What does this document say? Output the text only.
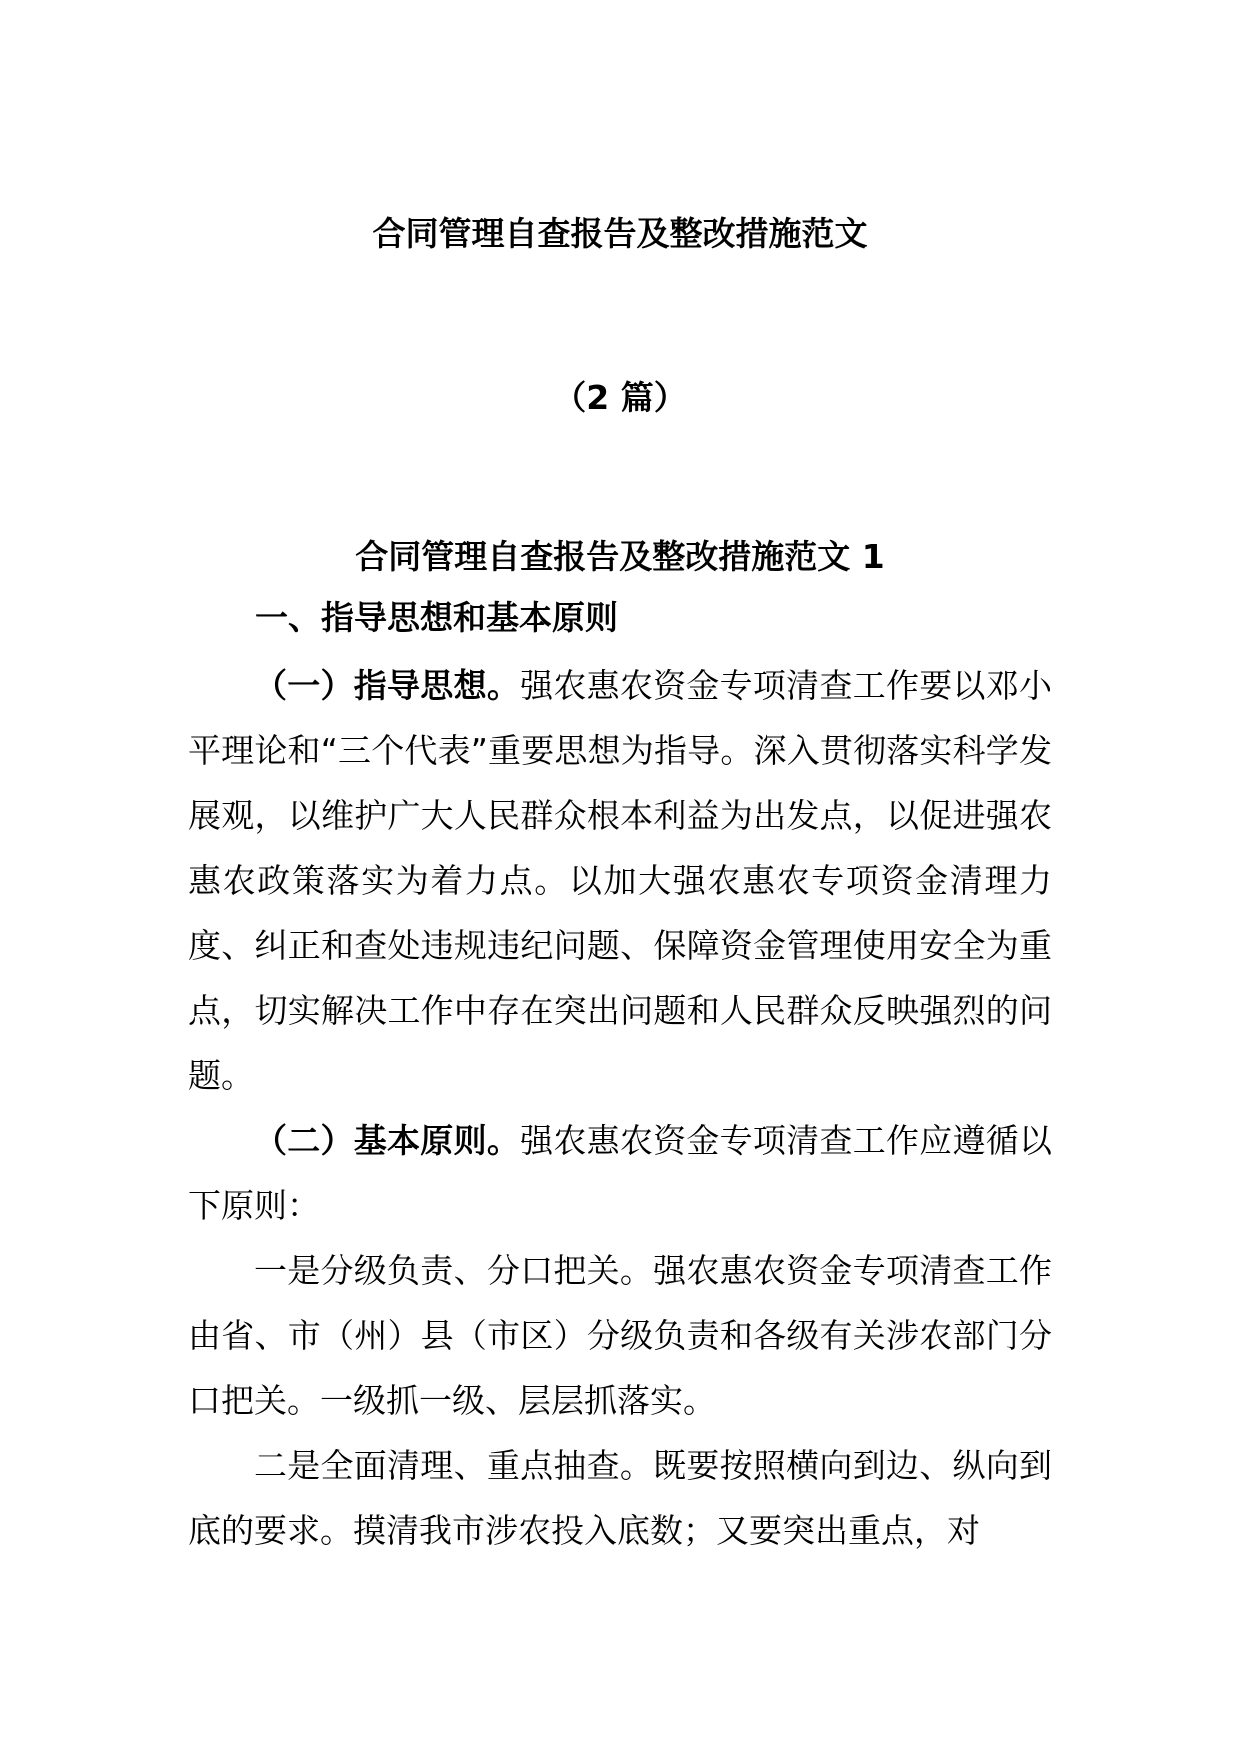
合同管理自查报告及整改措施范文
（2 篇）
合同管理自查报告及整改措施范文 1
一、指导思想和基本原则

（一）指导思想。强农惠农资金专项清查工作要以邓小平理论和“三个代表”重要思想为指导。深入贯彻落实科学发展观，以维护广大人民群众根本利益为出发点，以促进强农惠农政策落实为着力点。以加大强农惠农专项资金清理力度、纠正和查处违规违纪问题、保障资金管理使用安全为重点，切实解决工作中存在突出问题和人民群众反映强烈的问题。

（二）基本原则。强农惠农资金专项清查工作应遵循以下原则：

一是分级负责、分口把关。强农惠农资金专项清查工作由省、市（州）县（市区）分级负责和各级有关涉农部门分口把关。一级抓一级、层层抓落实。

二是全面清理、重点抽查。既要按照横向到边、纵向到底的要求。摸清我市涉农投入底数；又要突出重点，对
